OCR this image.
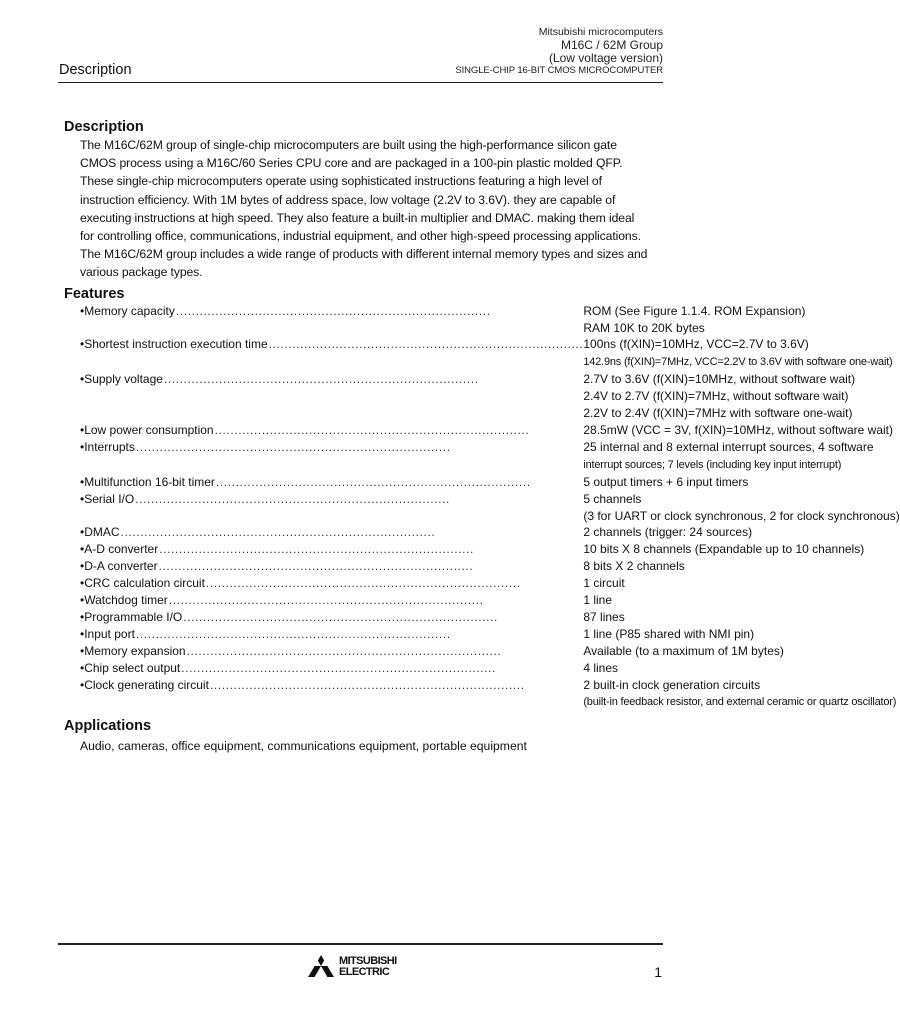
Mitsubishi microcomputers
M16C / 62M Group
(Low voltage version)
SINGLE-CHIP 16-BIT CMOS MICROCOMPUTER
Description
Description

The M16C/62M group of single-chip microcomputers are built using the high-performance silicon gate CMOS process using a M16C/60 Series CPU core and are packaged in a 100-pin plastic molded QFP. These single-chip microcomputers operate using sophisticated instructions featuring a high level of instruction efficiency. With 1M bytes of address space, low voltage (2.2V to 3.6V). they are capable of executing instructions at high speed. They also feature a built-in multiplier and DMAC. making them ideal for controlling office, communications, industrial equipment, and other high-speed processing applications.

The M16C/62M group includes a wide range of products with different internal memory types and sizes and various package types.

Features
•	Memory capacity................................................................................	ROM (See Figure 1.1.4. ROM Expansion)
		RAM 10K to 20K bytes
•	Shortest instruction execution time................................................................................	100ns (f(XIN)=10MHz, VCC=2.7V to 3.6V)
		142.9ns (f(XIN)=7MHz, VCC=2.2V to 3.6V with software one-wait)
•	Supply voltage................................................................................	2.7V to 3.6V (f(XIN)=10MHz, without software wait)
		2.4V to 2.7V (f(XIN)=7MHz, without software wait)
		2.2V to 2.4V (f(XIN)=7MHz with software one-wait)
•	Low power consumption................................................................................	28.5mW (VCC = 3V, f(XIN)=10MHz, without software wait)
•	Interrupts................................................................................	25 internal and 8 external interrupt sources, 4 software
		interrupt sources; 7 levels (including key input interrupt)
•	Multifunction 16-bit timer................................................................................	5 output timers + 6 input timers
•	Serial I/O................................................................................	5 channels
		(3 for UART or clock synchronous, 2 for clock synchronous)
•	DMAC................................................................................	2 channels (trigger: 24 sources)
•	A-D converter................................................................................	10 bits X 8 channels (Expandable up to 10 channels)
•	D-A converter................................................................................	8 bits X 2 channels
•	CRC calculation circuit................................................................................	1 circuit
•	Watchdog timer................................................................................	1 line
•	Programmable I/O................................................................................	87 lines
•	Input port................................................................................	1 line (P85 shared with NMI pin)
•	Memory expansion................................................................................	Available (to a maximum of 1M bytes)
•	Chip select output................................................................................	4 lines
•	Clock generating circuit................................................................................	2 built-in clock generation circuits
		(built-in feedback resistor, and external ceramic or quartz oscillator)
Applications
Audio, cameras, office equipment, communications equipment, portable equipment
MITSUBISHI
ELECTRIC	1
